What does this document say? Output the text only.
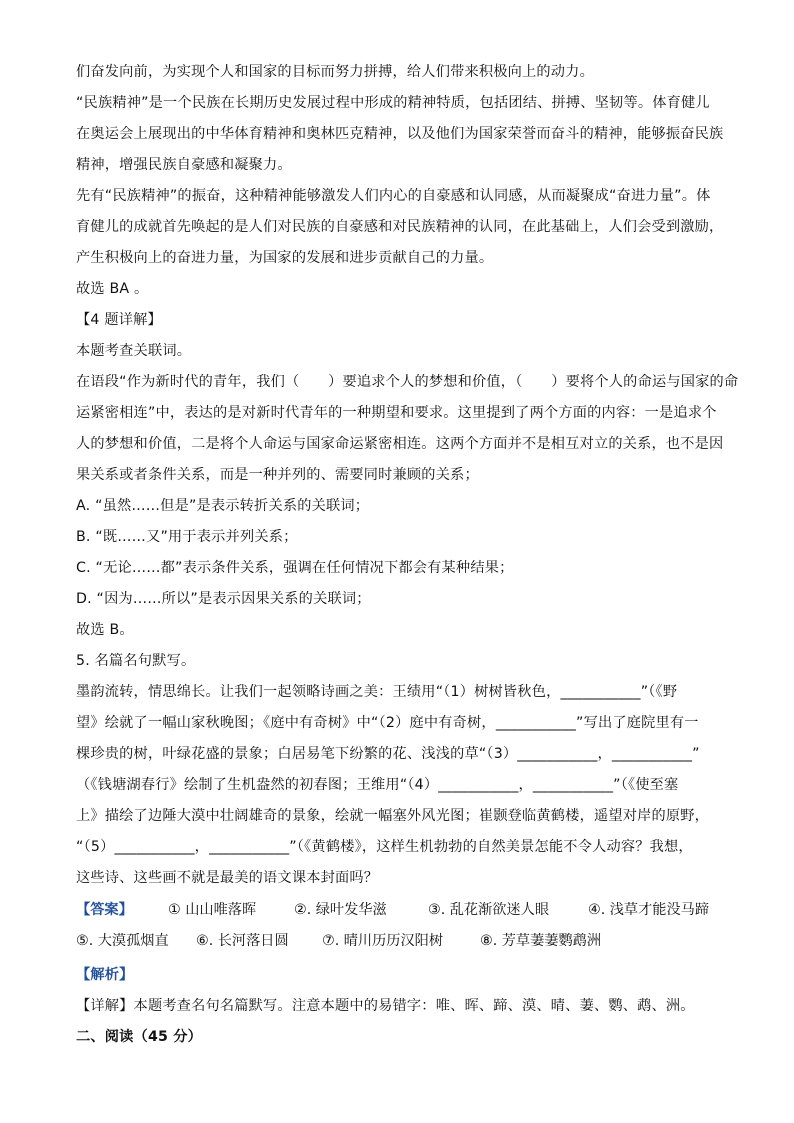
们奋发向前，为实现个人和国家的目标而努力拼搏，给人们带来积极向上的动力。
“民族精神”是一个民族在长期历史发展过程中形成的精神特质，包括团结、拼搏、坚韧等。体育健儿
在奥运会上展现出的中华体育精神和奥林匹克精神，以及他们为国家荣誉而奋斗的精神，能够振奋民族
精神，增强民族自豪感和凝聚力。
先有“民族精神”的振奋，这种精神能够激发人们内心的自豪感和认同感，从而凝聚成“奋进力量”。体
育健儿的成就首先唤起的是人们对民族的自豪感和对民族精神的认同，在此基础上，人们会受到激励，
产生积极向上的奋进力量，为国家的发展和进步贡献自己的力量。
故选 BA 。
【4 题详解】
本题考查关联词。
在语段“作为新时代的青年，我们（　　）要追求个人的梦想和价值，（　　）要将个人的命运与国家的命
运紧密相连”中，表达的是对新时代青年的一种期望和要求。这里提到了两个方面的内容：一是追求个
人的梦想和价值，二是将个人命运与国家命运紧密相连。这两个方面并不是相互对立的关系，也不是因
果关系或者条件关系，而是一种并列的、需要同时兼顾的关系；
A. “虽然……但是”是表示转折关系的关联词；
B. “既……又”用于表示并列关系；
C. “无论……都”表示条件关系，强调在任何情况下都会有某种结果；
D. “因为……所以”是表示因果关系的关联词；
故选 B。
5. 名篇名句默写。
墨韵流转，情思绵长。让我们一起领略诗画之美：王绩用“（1）树树皆秋色，___________”（《野
望》绘就了一幅山家秋晚图；《庭中有奇树》中“（2）庭中有奇树，___________”写出了庭院里有一
棵珍贵的树，叶绿花盛的景象；白居易笔下纷繁的花、浅浅的草“（3）___________，___________”
（《钱塘湖春行》绘制了生机盎然的初春图；王维用“（4）___________，___________”（《使至塞
上》描绘了边陲大漠中壮阔雄奇的景象，绘就一幅塞外风光图；崔颢登临黄鹤楼，遥望对岸的原野，
“（5）___________，___________”（《黄鹤楼》，这样生机勃勃的自然美景怎能不令人动容？我想，
这些诗、这些画不就是最美的语文课本封面吗？
【答案】 ① 山山唯落晖	②. 绿叶发华滋	③. 乱花渐欲迷人眼	④. 浅草才能没马蹄
⑤. 大漠孤烟直 ⑥. 长河落日圆 ⑦. 晴川历历汉阳树	⑧. 芳草萋萋鹦鹉洲
【解析】
【详解】本题考查名句名篇默写。注意本题中的易错字：唯、晖、蹄、漠、晴、萋、鹦、鹉、洲。
二、阅读（45 分）
